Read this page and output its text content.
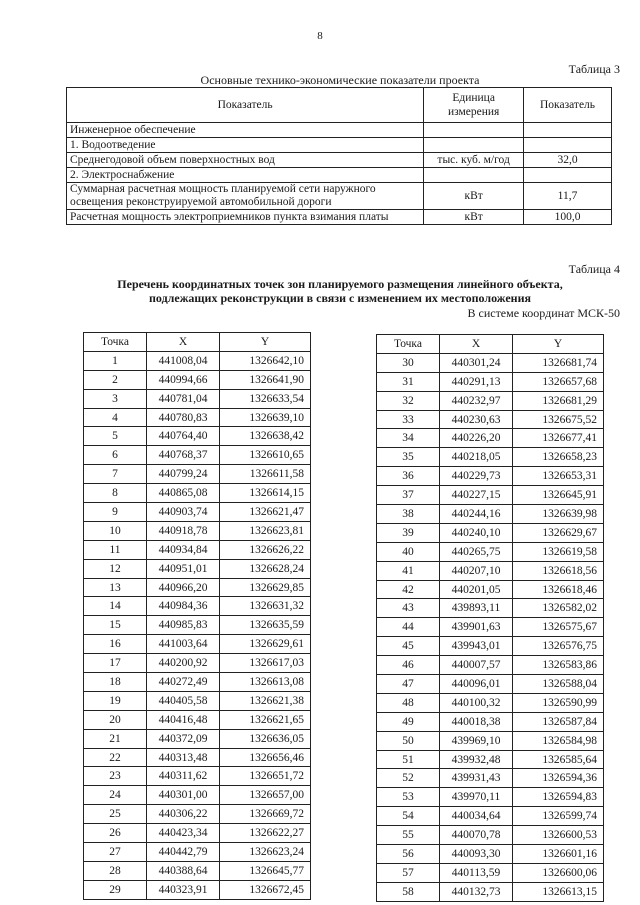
8
Таблица 3
Основные технико-экономические показатели проекта
Показатель	Единица измерения	Показатель
Инженерное обеспечение		
1. Водоотведение		
Среднегодовой объем поверхностных вод	тыс. куб. м/год	32,0
2. Электроснабжение		
Суммарная расчетная мощность планируемой сети наружного освещения реконструируемой автомобильной дороги	кВт	11,7
Расчетная мощность электроприемников пункта взимания платы	кВт	100,0
Таблица 4
Перечень координатных точек зон планируемого размещения линейного объекта,
подлежащих реконструкции в связи с изменением их местоположения
В системе координат МСК-50
Точка	X	Y
1	441008,04	1326642,10
2	440994,66	1326641,90
3	440781,04	1326633,54
4	440780,83	1326639,10
5	440764,40	1326638,42
6	440768,37	1326610,65
7	440799,24	1326611,58
8	440865,08	1326614,15
9	440903,74	1326621,47
10	440918,78	1326623,81
11	440934,84	1326626,22
12	440951,01	1326628,24
13	440966,20	1326629,85
14	440984,36	1326631,32
15	440985,83	1326635,59
16	441003,64	1326629,61
17	440200,92	1326617,03
18	440272,49	1326613,08
19	440405,58	1326621,38
20	440416,48	1326621,65
21	440372,09	1326636,05
22	440313,48	1326656,46
23	440311,62	1326651,72
24	440301,00	1326657,00
25	440306,22	1326669,72
26	440423,34	1326622,27
27	440442,79	1326623,24
28	440388,64	1326645,77
29	440323,91	1326672,45
Точка	X	Y
30	440301,24	1326681,74
31	440291,13	1326657,68
32	440232,97	1326681,29
33	440230,63	1326675,52
34	440226,20	1326677,41
35	440218,05	1326658,23
36	440229,73	1326653,31
37	440227,15	1326645,91
38	440244,16	1326639,98
39	440240,10	1326629,67
40	440265,75	1326619,58
41	440207,10	1326618,56
42	440201,05	1326618,46
43	439893,11	1326582,02
44	439901,63	1326575,67
45	439943,01	1326576,75
46	440007,57	1326583,86
47	440096,01	1326588,04
48	440100,32	1326590,99
49	440018,38	1326587,84
50	439969,10	1326584,98
51	439932,48	1326585,64
52	439931,43	1326594,36
53	439970,11	1326594,83
54	440034,64	1326599,74
55	440070,78	1326600,53
56	440093,30	1326601,16
57	440113,59	1326600,06
58	440132,73	1326613,15
